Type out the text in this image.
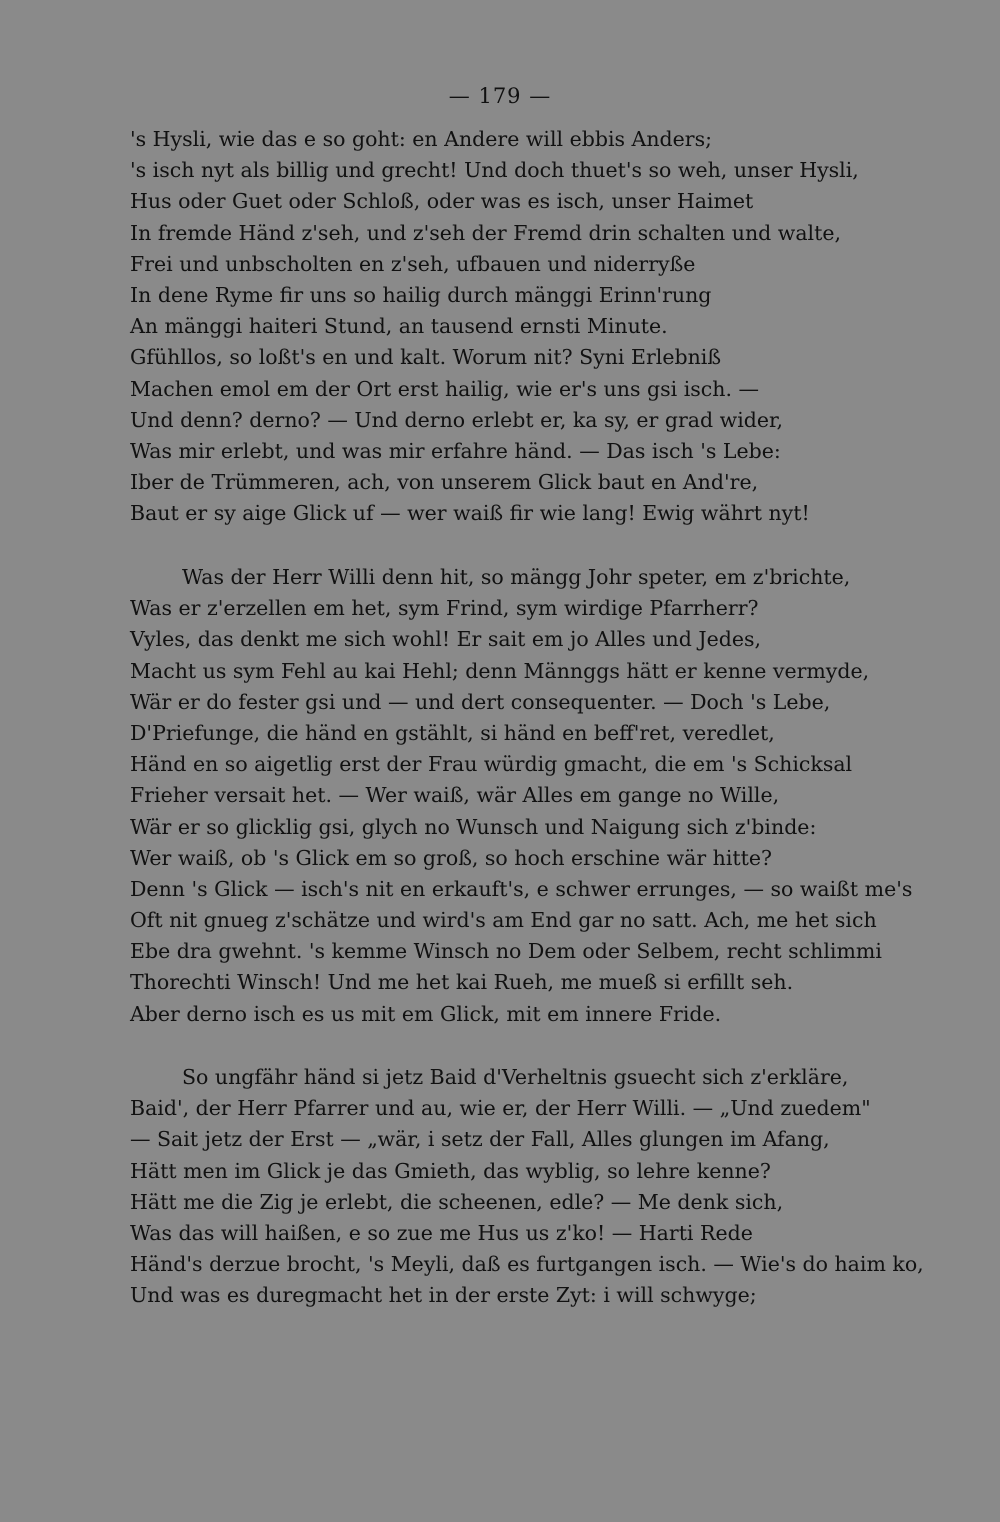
— 179 —
's Hysli, wie das e so goht: en Andere will ebbis Anders;
's isch nyt als billig und grecht! Und doch thuet's so weh, unser Hysli,
Hus oder Guet oder Schloß, oder was es isch, unser Haimet
In fremde Händ z'seh, und z'seh der Fremd drin schalten und walte,
Frei und unbscholten en z'seh, ufbauen und niderryße
In dene Ryme fir uns so hailig durch mänggi Erinn'rung
An mänggi haiteri Stund, an tausend ernsti Minute.
Gfühllos, so loßt's en und kalt. Worum nit? Syni Erlebniß
Machen emol em der Ort erst hailig, wie er's uns gsi isch. —
Und denn? derno? — Und derno erlebt er, ka sy, er grad wider,
Was mir erlebt, und was mir erfahre händ. — Das isch 's Lebe:
Iber de Trümmeren, ach, von unserem Glick baut en And're,
Baut er sy aige Glick uf — wer waiß fir wie lang! Ewig währt nyt!
Was der Herr Willi denn hit, so mängg Johr speter, em z'brichte,
Was er z'erzellen em het, sym Frind, sym wirdige Pfarrherr?
Vyles, das denkt me sich wohl! Er sait em jo Alles und Jedes,
Macht us sym Fehl au kai Hehl; denn Männggs hätt er kenne vermyde,
Wär er do fester gsi und — und dert consequenter. — Doch 's Lebe,
D'Priefunge, die händ en gstählt, si händ en beff'ret, veredlet,
Händ en so aigetlig erst der Frau würdig gmacht, die em 's Schicksal
Frieher versait het. — Wer waiß, wär Alles em gange no Wille,
Wär er so glicklig gsi, glych no Wunsch und Naigung sich z'binde:
Wer waiß, ob 's Glick em so groß, so hoch erschine wär hitte?
Denn 's Glick — isch's nit en erkauft's, e schwer errunges, — so waißt me's
Oft nit gnueg z'schätze und wird's am End gar no satt. Ach, me het sich
Ebe dra gwehnt. 's kemme Winsch no Dem oder Selbem, recht schlimmi
Thorechti Winsch! Und me het kai Rueh, me mueß si erfillt seh.
Aber derno isch es us mit em Glick, mit em innere Fride.
So ungfähr händ si jetz Baid d'Verheltnis gsuecht sich z'erkläre,
Baid', der Herr Pfarrer und au, wie er, der Herr Willi. — „Und zuedem"
— Sait jetz der Erst — „wär, i setz der Fall, Alles glungen im Afang,
Hätt men im Glick je das Gmieth, das wyblig, so lehre kenne?
Hätt me die Zig je erlebt, die scheenen, edle? — Me denk sich,
Was das will haißen, e so zue me Hus us z'ko! — Harti Rede
Händ's derzue brocht, 's Meyli, daß es furtgangen isch. — Wie's do haim ko,
Und was es duregmacht het in der erste Zyt: i will schwyge;
